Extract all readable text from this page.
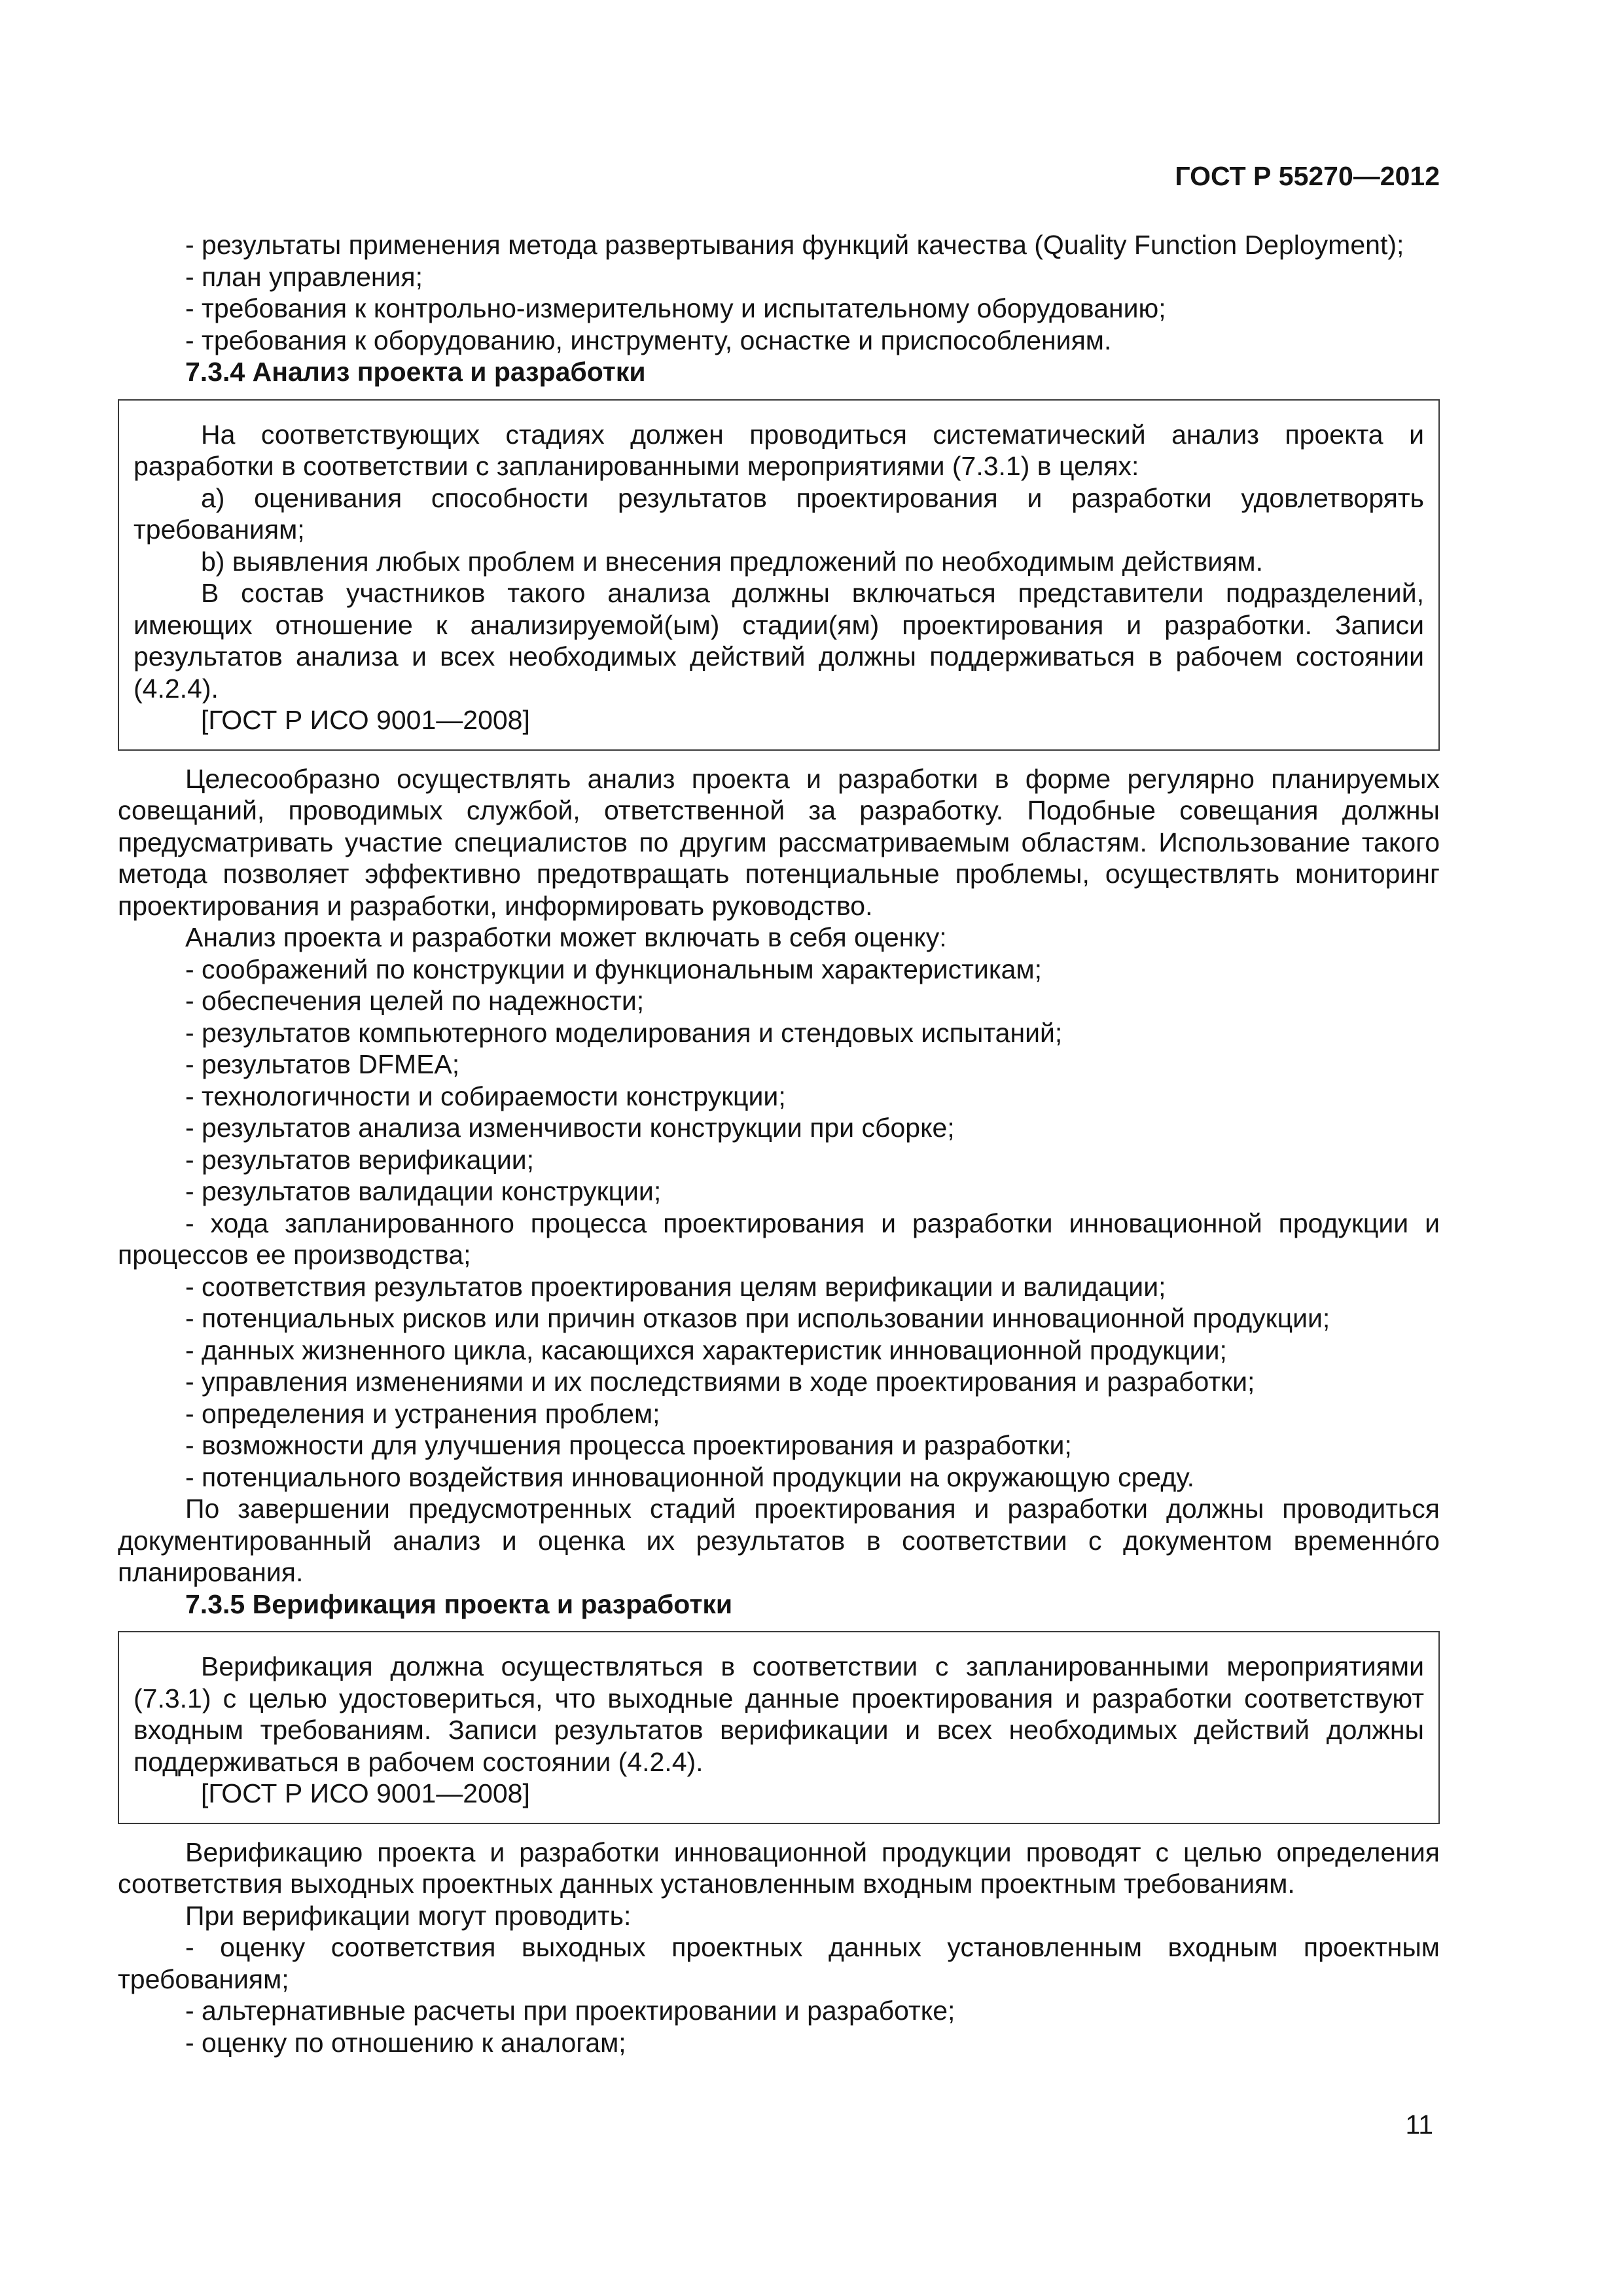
ГОСТ Р 55270—2012

- результаты применения метода развертывания функций качества (Quality Function Deployment);

- план управления;

- требования к контрольно-измерительному и испытательному оборудованию;

- требования к оборудованию, инструменту, оснастке и приспособлениям.

7.3.4 Анализ проекта и разработки

На соответствующих стадиях должен проводиться систематический анализ проекта и разработки в соответствии с запланированными мероприятиями (7.3.1) в целях:

а) оценивания способности результатов проектирования и разработки удовлетворять требованиям;

b) выявления любых проблем и внесения предложений по необходимым действиям.

В состав участников такого анализа должны включаться представители подразделений, имеющих отношение к анализируемой(ым) стадии(ям) проектирования и разработки. Записи результатов анализа и всех необходимых действий должны поддерживаться в рабочем состоянии (4.2.4).

[ГОСТ Р ИСО 9001—2008]

Целесообразно осуществлять анализ проекта и разработки в форме регулярно планируемых совещаний, проводимых службой, ответственной за разработку. Подобные совещания должны предусматривать участие специалистов по другим рассматриваемым областям. Использование такого метода позволяет эффективно предотвращать потенциальные проблемы, осуществлять мониторинг проектирования и разработки, информировать руководство.

Анализ проекта и разработки может включать в себя оценку:

- соображений по конструкции и функциональным характеристикам;

- обеспечения целей по надежности;

- результатов компьютерного моделирования и стендовых испытаний;

- результатов DFMEA;

- технологичности и собираемости конструкции;

- результатов анализа изменчивости конструкции при сборке;

- результатов верификации;

- результатов валидации конструкции;

- хода запланированного процесса проектирования и разработки инновационной продукции и процессов ее производства;

- соответствия результатов проектирования целям верификации и валидации;

- потенциальных рисков или причин отказов при использовании инновационной продукции;

- данных жизненного цикла, касающихся характеристик инновационной продукции;

- управления изменениями и их последствиями в ходе проектирования и разработки;

- определения и устранения проблем;

- возможности для улучшения процесса проектирования и разработки;

- потенциального воздействия инновационной продукции на окружающую среду.

По завершении предусмотренных стадий проектирования и разработки должны проводиться документированный анализ и оценка их результатов в соответствии с документом временно́го планирования.

7.3.5 Верификация проекта и разработки

Верификация должна осуществляться в соответствии с запланированными мероприятиями (7.3.1) с целью удостовериться, что выходные данные проектирования и разработки соответствуют входным требованиям. Записи результатов верификации и всех необходимых действий должны поддерживаться в рабочем состоянии (4.2.4).

[ГОСТ Р ИСО 9001—2008]

Верификацию проекта и разработки инновационной продукции проводят с целью определения соответствия выходных проектных данных установленным входным проектным требованиям.

При верификации могут проводить:

- оценку соответствия выходных проектных данных установленным входным проектным требованиям;

- альтернативные расчеты при проектировании и разработке;

- оценку по отношению к аналогам;

11
